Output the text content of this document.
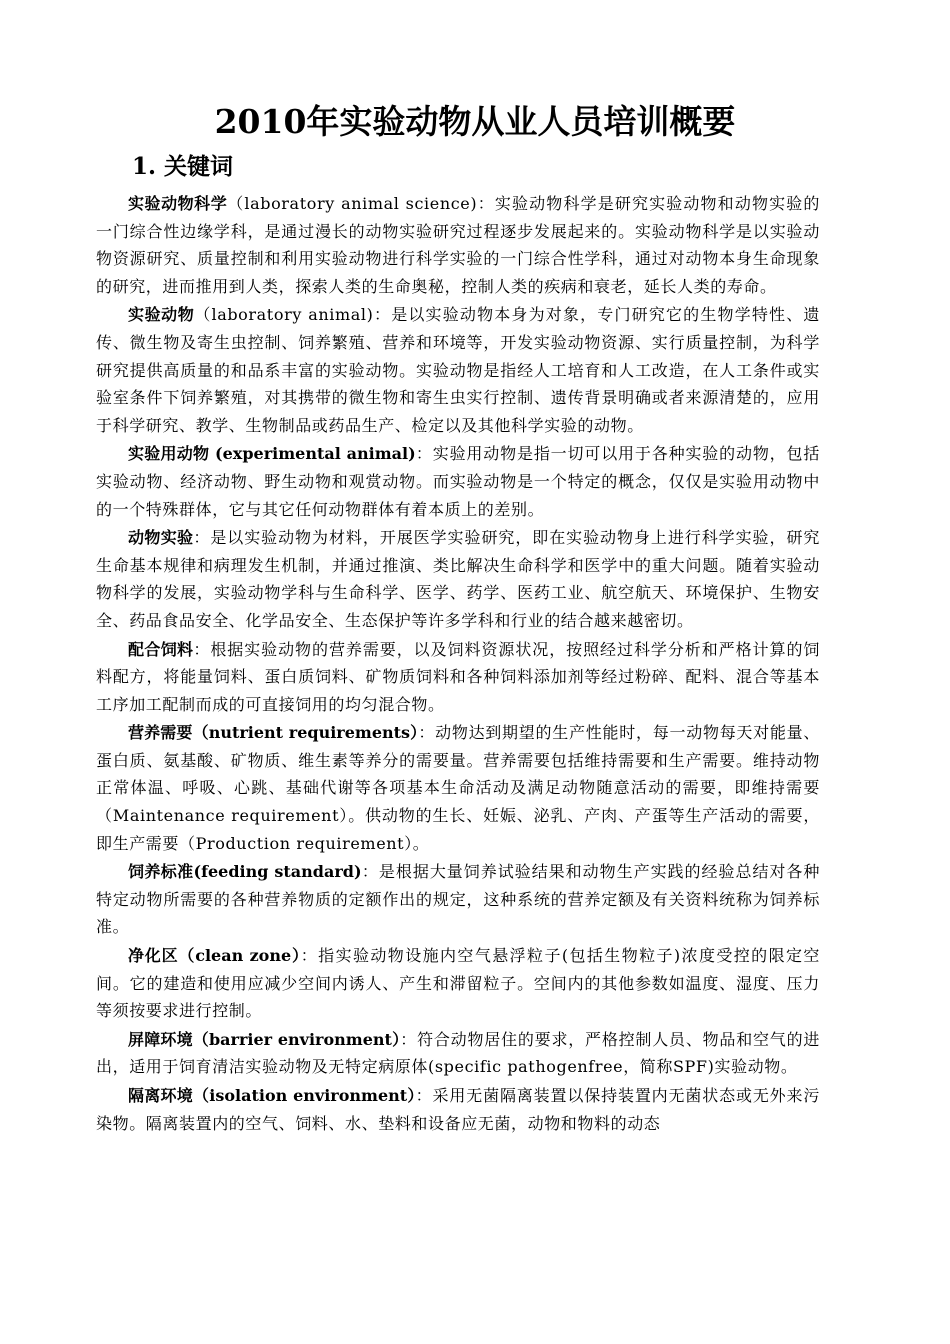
2010年实验动物从业人员培训概要
1. 关键词

实验动物科学（laboratory animal science)：实验动物科学是研究实验动物和动物实验的一门综合性边缘学科，是通过漫长的动物实验研究过程逐步发展起来的。实验动物科学是以实验动物资源研究、质量控制和利用实验动物进行科学实验的一门综合性学科，通过对动物本身生命现象的研究，进而推用到人类，探索人类的生命奥秘，控制人类的疾病和衰老，延长人类的寿命。

实验动物（laboratory animal)：是以实验动物本身为对象，专门研究它的生物学特性、遗传、微生物及寄生虫控制、饲养繁殖、营养和环境等，开发实验动物资源、实行质量控制，为科学研究提供高质量的和品系丰富的实验动物。实验动物是指经人工培育和人工改造，在人工条件或实验室条件下饲养繁殖，对其携带的微生物和寄生虫实行控制、遗传背景明确或者来源清楚的，应用于科学研究、教学、生物制品或药品生产、检定以及其他科学实验的动物。

实验用动物 (experimental animal)：实验用动物是指一切可以用于各种实验的动物，包括实验动物、经济动物、野生动物和观赏动物。而实验动物是一个特定的概念，仅仅是实验用动物中的一个特殊群体，它与其它任何动物群体有着本质上的差别。

动物实验：是以实验动物为材料，开展医学实验研究，即在实验动物身上进行科学实验，研究生命基本规律和病理发生机制，并通过推演、类比解决生命科学和医学中的重大问题。随着实验动物科学的发展，实验动物学科与生命科学、医学、药学、医药工业、航空航天、环境保护、生物安全、药品食品安全、化学品安全、生态保护等许多学科和行业的结合越来越密切。

配合饲料：根据实验动物的营养需要，以及饲料资源状况，按照经过科学分析和严格计算的饲料配方，将能量饲料、蛋白质饲料、矿物质饲料和各种饲料添加剂等经过粉碎、配料、混合等基本工序加工配制而成的可直接饲用的均匀混合物。

营养需要（nutrient requirements）：动物达到期望的生产性能时，每一动物每天对能量、蛋白质、氨基酸、矿物质、维生素等养分的需要量。营养需要包括维持需要和生产需要。维持动物正常体温、呼吸、心跳、基础代谢等各项基本生命活动及满足动物随意活动的需要，即维持需要（Maintenance requirement）。供动物的生长、妊娠、泌乳、产肉、产蛋等生产活动的需要，即生产需要（Production requirement）。

饲养标准(feeding standard)：是根据大量饲养试验结果和动物生产实践的经验总结对各种特定动物所需要的各种营养物质的定额作出的规定，这种系统的营养定额及有关资料统称为饲养标准。

净化区（clean zone）：指实验动物设施内空气悬浮粒子(包括生物粒子)浓度受控的限定空间。它的建造和使用应减少空间内诱人、产生和滞留粒子。空间内的其他参数如温度、湿度、压力等须按要求进行控制。

屏障环境（barrier environment）：符合动物居住的要求，严格控制人员、物品和空气的进出，适用于饲育清洁实验动物及无特定病原体(specific pathogenfree，简称SPF)实验动物。

隔离环境（isolation environment）：采用无菌隔离装置以保持装置内无菌状态或无外来污染物。隔离装置内的空气、饲料、水、垫料和设备应无菌，动物和物料的动态
